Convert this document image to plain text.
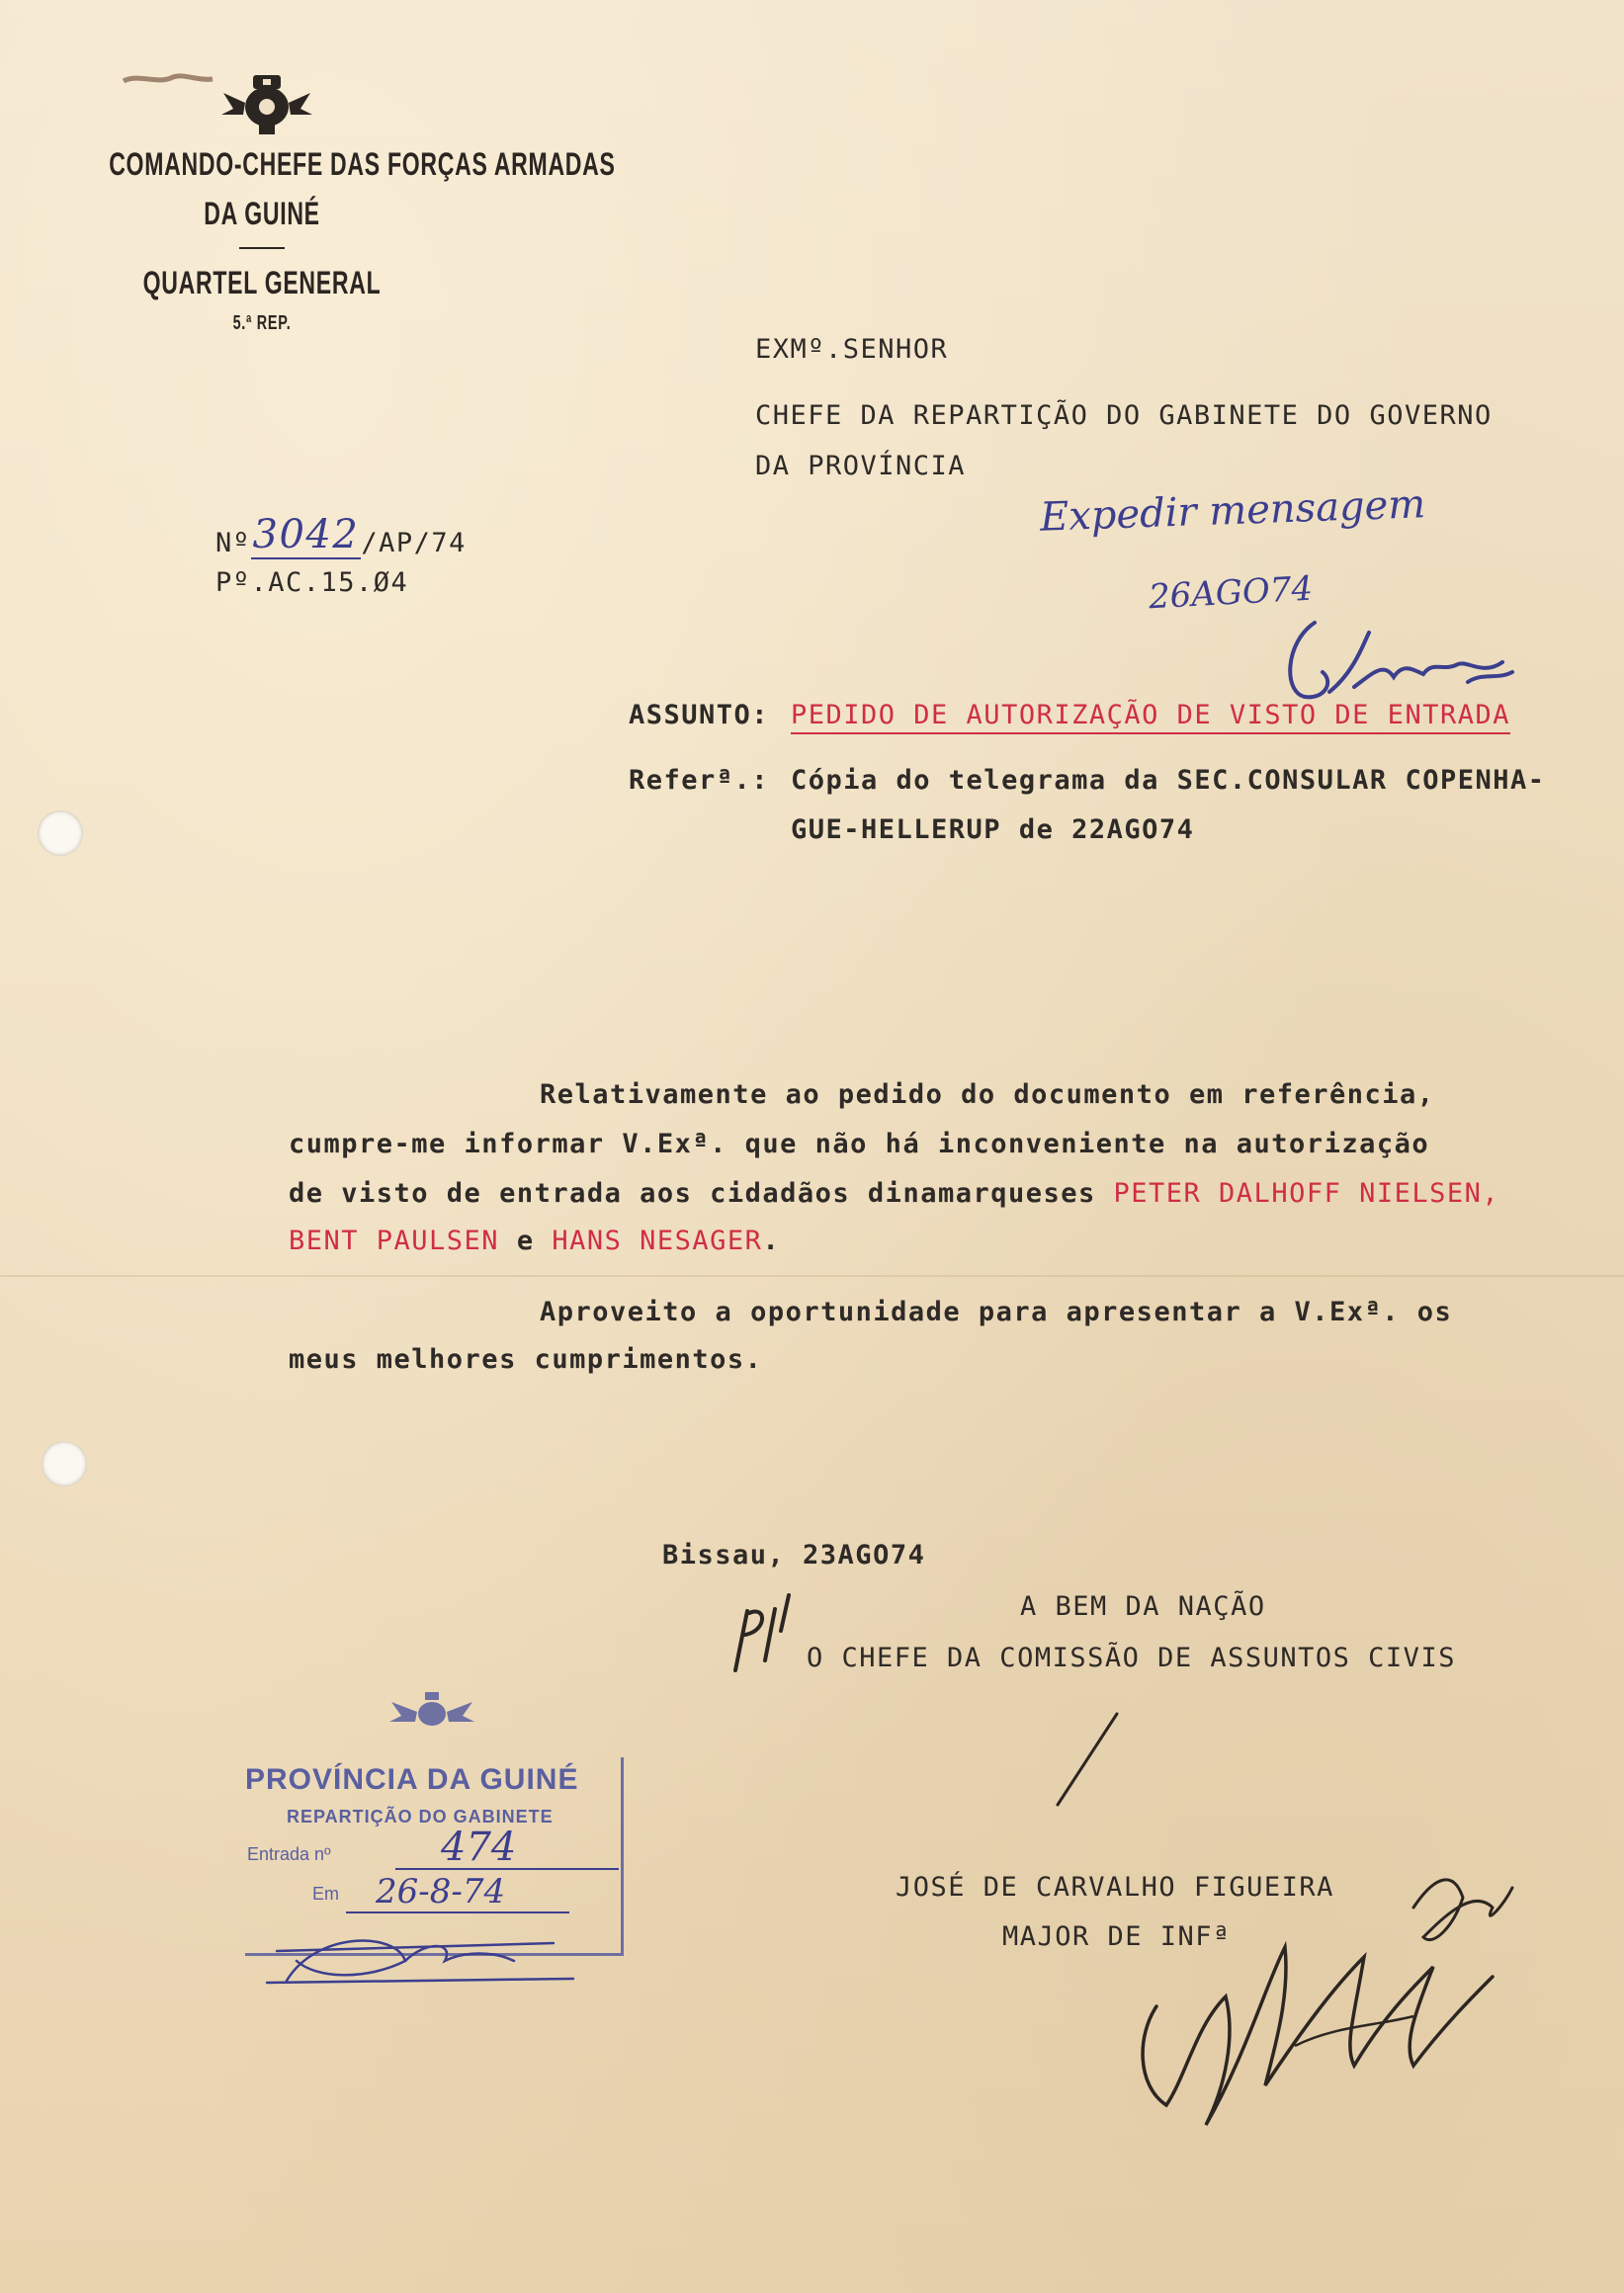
COMANDO-CHEFE DAS FORÇAS ARMADAS
DA GUINÉ
QUARTEL GENERAL
5.ª REP.
EXMº.SENHOR
CHEFE DA REPARTIÇÃO DO GABINETE DO GOVERNO
DA PROVÍNCIA
Nº3042/AP/74
Pº.AC.15.Ø4
Expedir mensagem
26AGO74
ASSUNTO: PEDIDO DE AUTORIZAÇÃO DE VISTO DE ENTRADA
Referª.: Cópia do telegrama da SEC.CONSULAR COPENHA-
GUE-HELLERUP de 22AGO74
Relativamente ao pedido do documento em referência,
cumpre-me informar V.Exª. que não há inconveniente na autorização
de visto de entrada aos cidadãos dinamarqueses PETER DALHOFF NIELSEN,
BENT PAULSEN e HANS NESAGER.
Aproveito a oportunidade para apresentar a V.Exª. os
meus melhores cumprimentos.
Bissau, 23AGO74
A BEM DA NAÇÃO
O CHEFE DA COMISSÃO DE ASSUNTOS CIVIS
JOSÉ DE CARVALHO FIGUEIRA
MAJOR DE INFª
PROVÍNCIA DA GUINÉ
REPARTIÇÃO DO GABINETE
Entrada nº	474
Em 26-8-74
